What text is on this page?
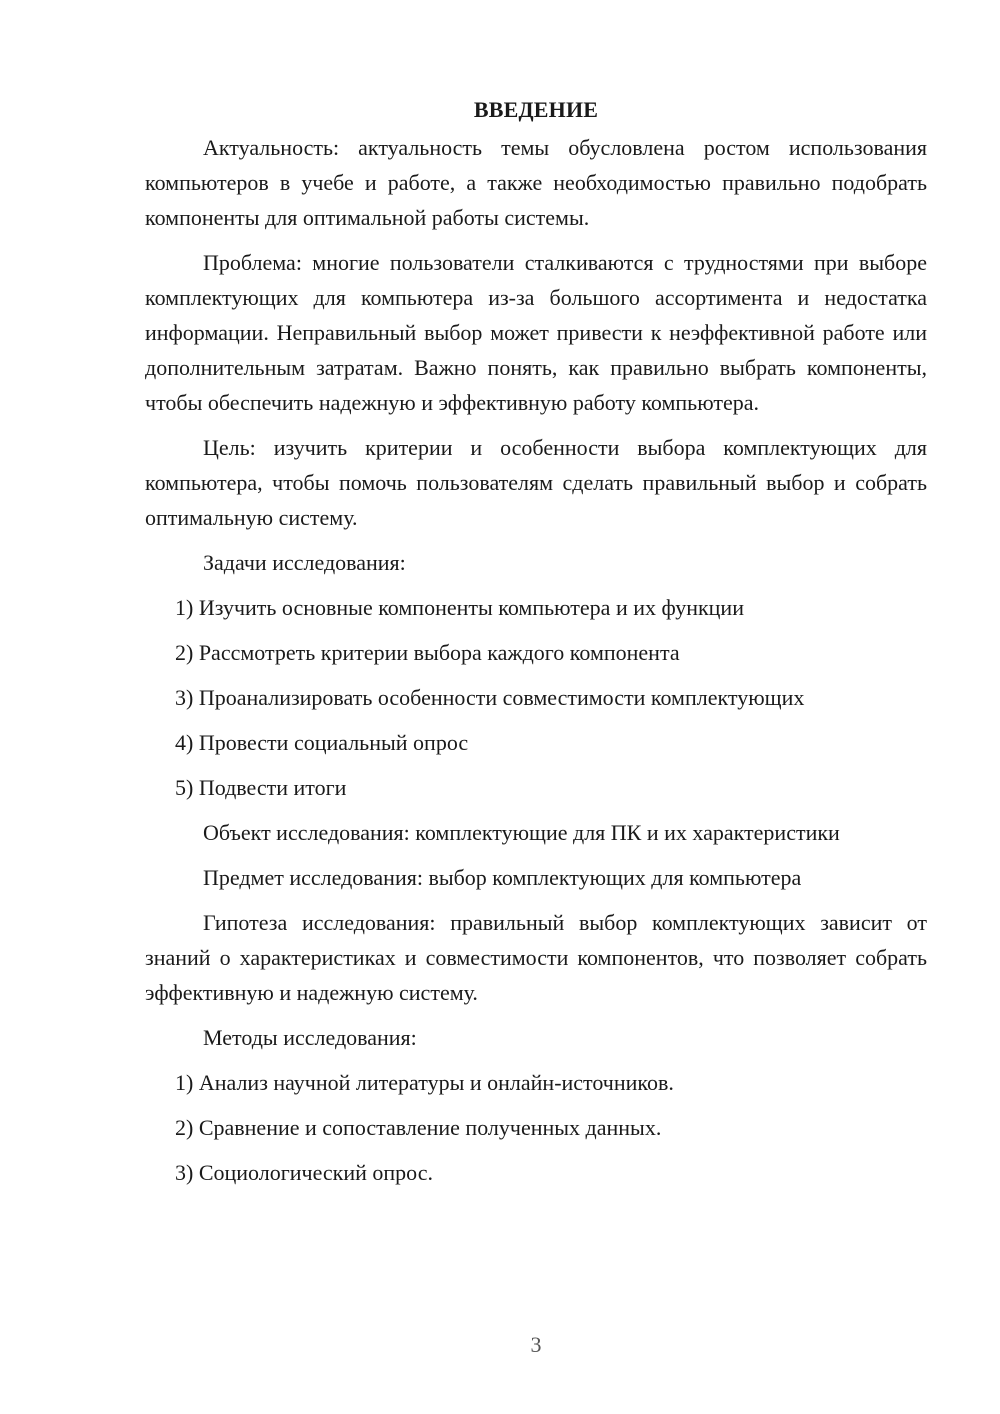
ВВЕДЕНИЕ

Актуальность: актуальность темы обусловлена ростом использования компьютеров в учебе и работе, а также необходимостью правильно подобрать компоненты для оптимальной работы системы.

Проблема: многие пользователи сталкиваются с трудностями при выборе комплектующих для компьютера из-за большого ассортимента и недостатка информации. Неправильный выбор может привести к неэффективной работе или дополнительным затратам. Важно понять, как правильно выбрать компоненты, чтобы обеспечить надежную и эффективную работу компьютера.

Цель: изучить критерии и особенности выбора комплектующих для компьютера, чтобы помочь пользователям сделать правильный выбор и собрать оптимальную систему.

Задачи исследования:

1) Изучить основные компоненты компьютера и их функции

2) Рассмотреть критерии выбора каждого компонента

3) Проанализировать особенности совместимости комплектующих

4) Провести социальный опрос

5) Подвести итоги

Объект исследования: комплектующие для ПК и их характеристики

Предмет исследования: выбор комплектующих для компьютера

Гипотеза исследования: правильный выбор комплектующих зависит от знаний о характеристиках и совместимости компонентов, что позволяет собрать эффективную и надежную систему.

Методы исследования:

1) Анализ научной литературы и онлайн-источников.

2) Сравнение и сопоставление полученных данных.

3) Социологический опрос.

3
